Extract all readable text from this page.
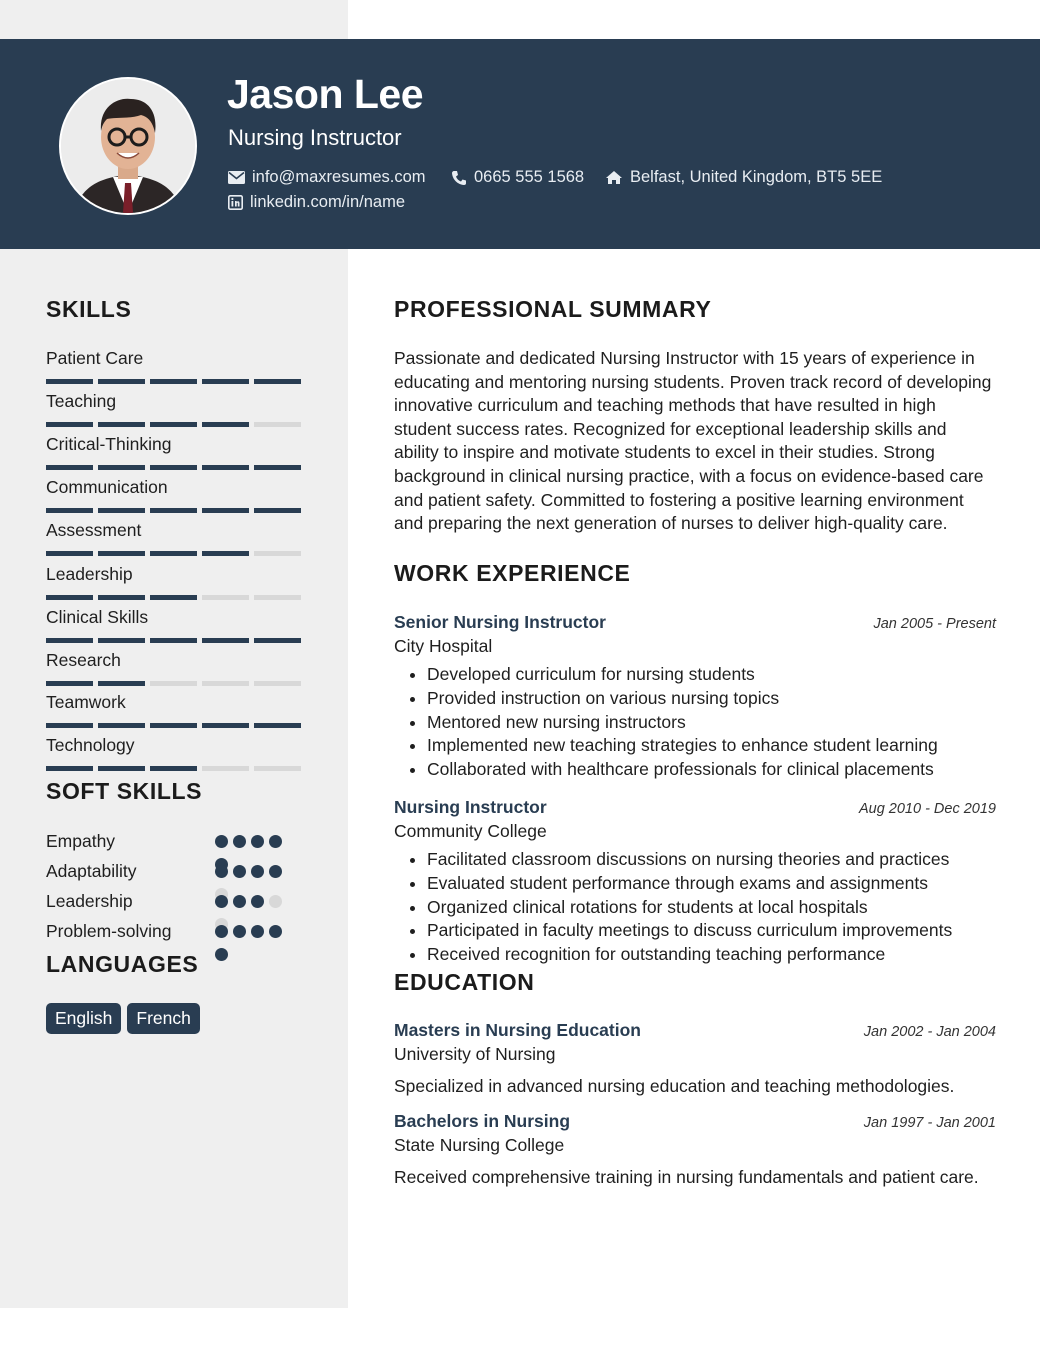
Jason Lee
Nursing Instructor
info@maxresumes.com	0665 555 1568	Belfast, United Kingdom, BT5 5EE
linkedin.com/in/name
SKILLS
Patient Care
Teaching
Critical-Thinking
Communication
Assessment
Leadership
Clinical Skills
Research
Teamwork
Technology
SOFT SKILLS
Empathy
Adaptability
Leadership
Problem-solving
LANGUAGES
English	French
PROFESSIONAL SUMMARY

Passionate and dedicated Nursing Instructor with 15 years of experience in educating and mentoring nursing students. Proven track record of developing innovative curriculum and teaching methods that have resulted in high student success rates. Recognized for exceptional leadership skills and ability to inspire and motivate students to excel in their studies. Strong background in clinical nursing practice, with a focus on evidence-based care and patient safety. Committed to fostering a positive learning environment and preparing the next generation of nurses to deliver high-quality care.

WORK EXPERIENCE
Senior Nursing Instructor	Jan 2005 - Present
City Hospital
• Developed curriculum for nursing students
• Provided instruction on various nursing topics
• Mentored new nursing instructors
• Implemented new teaching strategies to enhance student learning
• Collaborated with healthcare professionals for clinical placements
Nursing Instructor	Aug 2010 - Dec 2019
Community College
• Facilitated classroom discussions on nursing theories and practices
• Evaluated student performance through exams and assignments
• Organized clinical rotations for students at local hospitals
• Participated in faculty meetings to discuss curriculum improvements
• Received recognition for outstanding teaching performance
EDUCATION
Masters in Nursing Education	Jan 2002 - Jan 2004
University of Nursing
Specialized in advanced nursing education and teaching methodologies.
Bachelors in Nursing	Jan 1997 - Jan 2001
State Nursing College
Received comprehensive training in nursing fundamentals and patient care.
